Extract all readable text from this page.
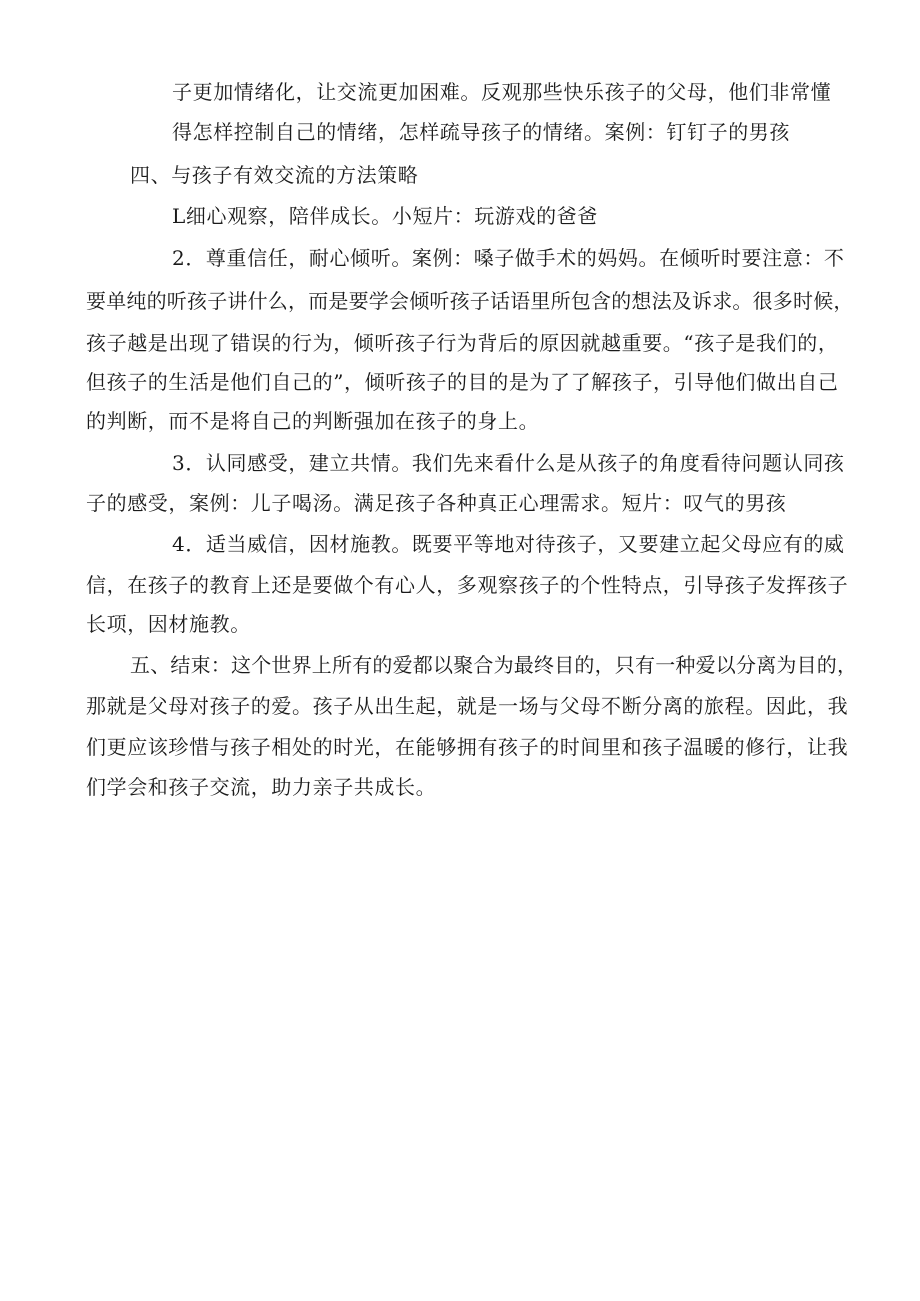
子更加情绪化，让交流更加困难。反观那些快乐孩子的父母，他们非常懂
得怎样控制自己的情绪，怎样疏导孩子的情绪。案例：钉钉子的男孩
四、与孩子有效交流的方法策略
L细心观察，陪伴成长。小短片：玩游戏的爸爸
2．尊重信任，耐心倾听。案例：嗓子做手术的妈妈。在倾听时要注意：不
要单纯的听孩子讲什么，而是要学会倾听孩子话语里所包含的想法及诉求。很多时候，
孩子越是出现了错误的行为，倾听孩子行为背后的原因就越重要。“孩子是我们的，
但孩子的生活是他们自己的”，倾听孩子的目的是为了了解孩子，引导他们做出自己
的判断，而不是将自己的判断强加在孩子的身上。
3．认同感受，建立共情。我们先来看什么是从孩子的角度看待问题认同孩
子的感受，案例：儿子喝汤。满足孩子各种真正心理需求。短片：叹气的男孩
4．适当威信，因材施教。既要平等地对待孩子，又要建立起父母应有的威
信，在孩子的教育上还是要做个有心人，多观察孩子的个性特点，引导孩子发挥孩子
长项，因材施教。
五、结束：这个世界上所有的爱都以聚合为最终目的，只有一种爱以分离为目的，
那就是父母对孩子的爱。孩子从出生起，就是一场与父母不断分离的旅程。因此，我
们更应该珍惜与孩子相处的时光，在能够拥有孩子的时间里和孩子温暖的修行，让我
们学会和孩子交流，助力亲子共成长。
